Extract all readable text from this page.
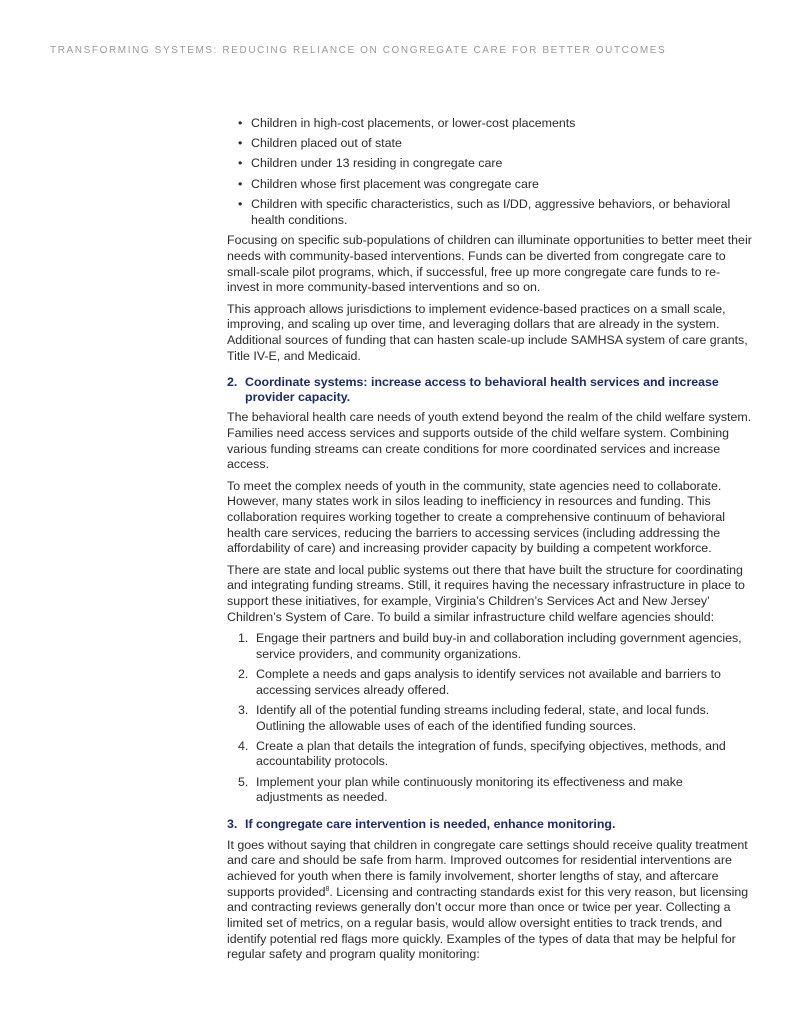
TRANSFORMING SYSTEMS: REDUCING RELIANCE ON CONGREGATE CARE FOR BETTER OUTCOMES
• Children in high-cost placements, or lower-cost placements
• Children placed out of state
• Children under 13 residing in congregate care
• Children whose first placement was congregate care
• Children with specific characteristics, such as I/DD, aggressive behaviors, or behavioral health conditions.

Focusing on specific sub-populations of children can illuminate opportunities to better meet their needs with community-based interventions. Funds can be diverted from congregate care to small-scale pilot programs, which, if successful, free up more congregate care funds to re-invest in more community-based interventions and so on.

This approach allows jurisdictions to implement evidence-based practices on a small scale, improving, and scaling up over time, and leveraging dollars that are already in the system. Additional sources of funding that can hasten scale-up include SAMHSA system of care grants, Title IV-E, and Medicaid.

2. Coordinate systems: increase access to behavioral health services and increase provider capacity.

The behavioral health care needs of youth extend beyond the realm of the child welfare system. Families need access services and supports outside of the child welfare system. Combining various funding streams can create conditions for more coordinated services and increase access.

To meet the complex needs of youth in the community, state agencies need to collaborate. However, many states work in silos leading to inefficiency in resources and funding. This collaboration requires working together to create a comprehensive continuum of behavioral health care services, reducing the barriers to accessing services (including addressing the affordability of care) and increasing provider capacity by building a competent workforce.

There are state and local public systems out there that have built the structure for coordinating and integrating funding streams. Still, it requires having the necessary infrastructure in place to support these initiatives, for example, Virginia’s Children’s Services Act and New Jersey’ Children’s System of Care. To build a similar infrastructure child welfare agencies should:

1. Engage their partners and build buy-in and collaboration including government agencies, service providers, and community organizations.
2. Complete a needs and gaps analysis to identify services not available and barriers to accessing services already offered.
3. Identify all of the potential funding streams including federal, state, and local funds. Outlining the allowable uses of each of the identified funding sources.
4. Create a plan that details the integration of funds, specifying objectives, methods, and accountability protocols.
5. Implement your plan while continuously monitoring its effectiveness and make adjustments as needed.
3. If congregate care intervention is needed, enhance monitoring.

It goes without saying that children in congregate care settings should receive quality treatment and care and should be safe from harm. Improved outcomes for residential interventions are achieved for youth when there is family involvement, shorter lengths of stay, and aftercare supports provided$^8$. Licensing and contracting standards exist for this very reason, but licensing and contracting reviews generally don’t occur more than once or twice per year. Collecting a limited set of metrics, on a regular basis, would allow oversight entities to track trends, and identify potential red flags more quickly. Examples of the types of data that may be helpful for regular safety and program quality monitoring:
